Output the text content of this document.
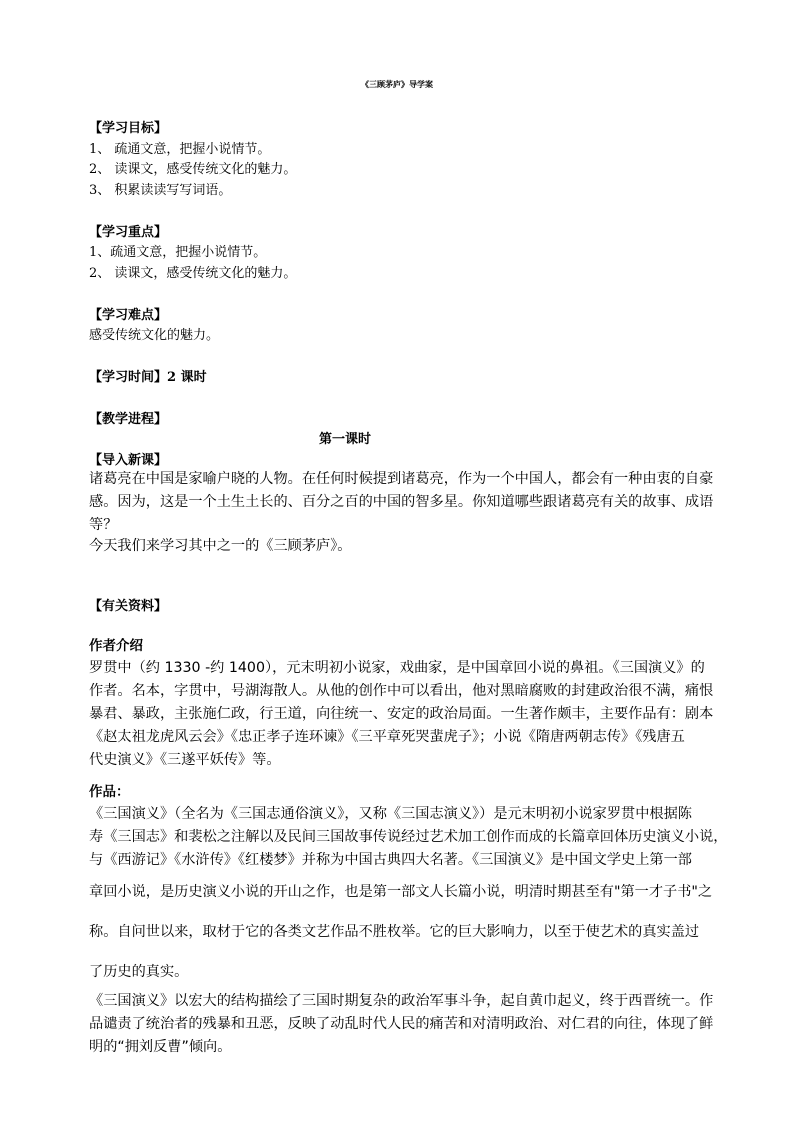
《三顾茅庐》导学案

【学习目标】

1、 疏通文意，把握小说情节。

2、 读课文，感受传统文化的魅力。

3、 积累读读写写词语。

【学习重点】

1、疏通文意，把握小说情节。

2、 读课文，感受传统文化的魅力。

【学习难点】

感受传统文化的魅力。

【学习时间】2 课时

【教学进程】

第一课时

【导入新课】

诸葛亮在中国是家喻户晓的人物。在任何时候提到诸葛亮，作为一个中国人，都会有一种由衷的自豪

感。因为，这是一个土生土长的、百分之百的中国的智多星。你知道哪些跟诸葛亮有关的故事、成语

等？

今天我们来学习其中之一的《三顾茅庐》。

【有关资料】

作者介绍

罗贯中（约 1330 -约 1400），元末明初小说家，戏曲家，是中国章回小说的鼻祖。《三国演义》的

作者。名本，字贯中，号湖海散人。从他的创作中可以看出，他对黑暗腐败的封建政治很不满，痛恨

暴君、暴政，主张施仁政，行王道，向往统一、安定的政治局面。一生著作颇丰，主要作品有：剧本

《赵太祖龙虎风云会》《忠正孝子连环谏》《三平章死哭蜚虎子》；小说《隋唐两朝志传》《残唐五

代史演义》《三遂平妖传》等。

作品：

《三国演义》（全名为《三国志通俗演义》，又称《三国志演义》）是元末明初小说家罗贯中根据陈

寿《三国志》和裴松之注解以及民间三国故事传说经过艺术加工创作而成的长篇章回体历史演义小说，

与《西游记》《水浒传》《红楼梦》并称为中国古典四大名著。《三国演义》是中国文学史上第一部

章回小说，是历史演义小说的开山之作，也是第一部文人长篇小说，明清时期甚至有"第一才子书"之

称。自问世以来，取材于它的各类文艺作品不胜枚举。它的巨大影响力，以至于使艺术的真实盖过

了历史的真实。

《三国演义》以宏大的结构描绘了三国时期复杂的政治军事斗争，起自黄巾起义，终于西晋统一。作

品谴责了统治者的残暴和丑恶，反映了动乱时代人民的痛苦和对清明政治、对仁君的向往，体现了鲜

明的“拥刘反曹”倾向。
